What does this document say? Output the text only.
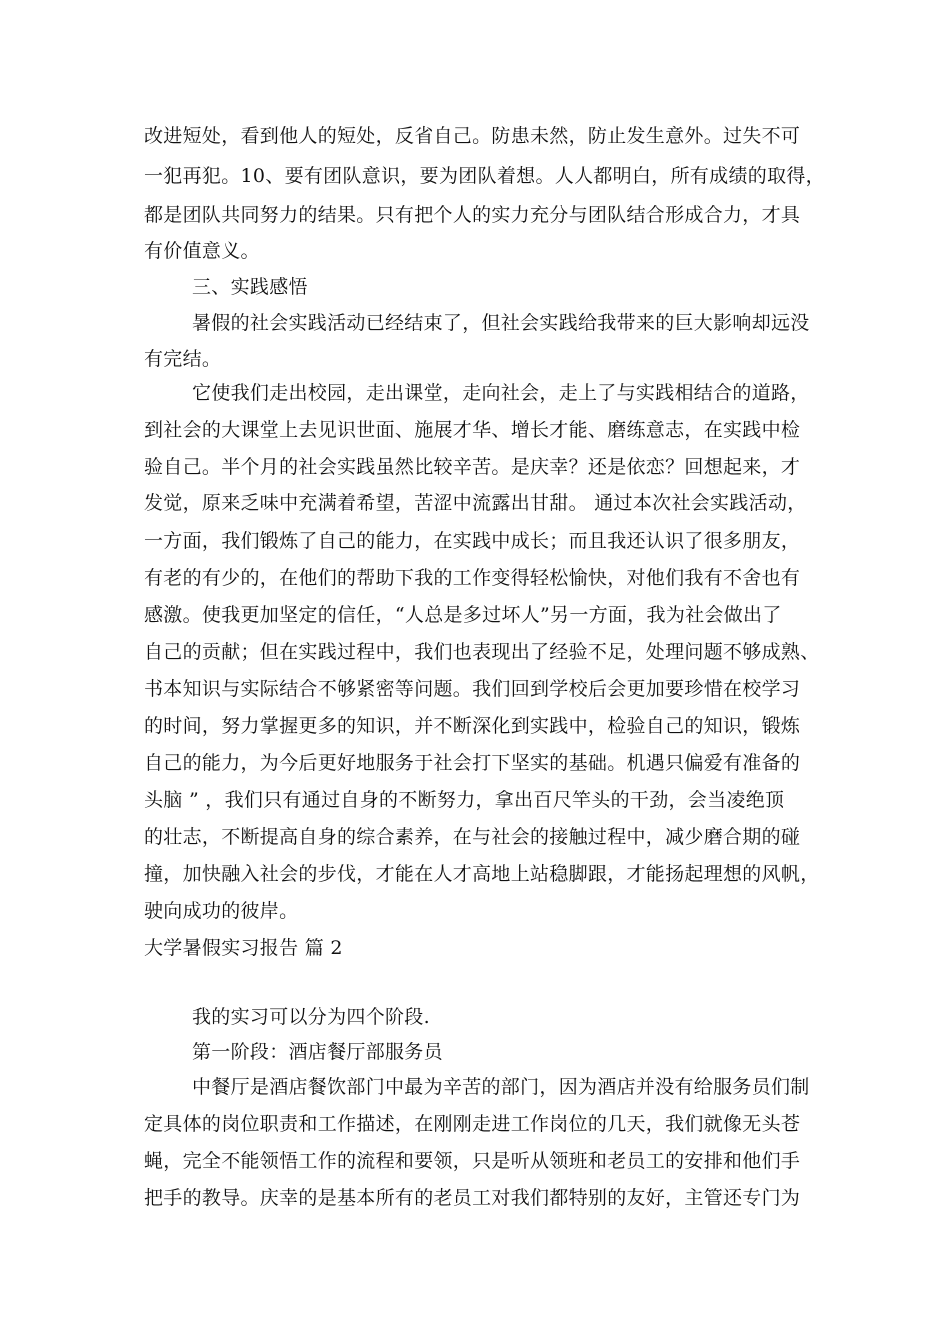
改进短处，看到他人的短处，反省自己。防患未然，防止发生意外。过失不可
一犯再犯。10、要有团队意识，要为团队着想。人人都明白，所有成绩的取得，
都是团队共同努力的结果。只有把个人的实力充分与团队结合形成合力，才具
有价值意义。
三、实践感悟
暑假的社会实践活动已经结束了，但社会实践给我带来的巨大影响却远没
有完结。
它使我们走出校园，走出课堂，走向社会，走上了与实践相结合的道路，
到社会的大课堂上去见识世面、施展才华、增长才能、磨练意志，在实践中检
验自己。半个月的社会实践虽然比较辛苦。是庆幸？还是依恋？回想起来，才
发觉，原来乏味中充满着希望，苦涩中流露出甘甜。 通过本次社会实践活动，
一方面，我们锻炼了自己的能力，在实践中成长；而且我还认识了很多朋友，
有老的有少的，在他们的帮助下我的工作变得轻松愉快，对他们我有不舍也有
感激。使我更加坚定的信任，“人总是多过坏人”另一方面，我为社会做出了
自己的贡献；但在实践过程中，我们也表现出了经验不足，处理问题不够成熟、
书本知识与实际结合不够紧密等问题。我们回到学校后会更加要珍惜在校学习
的时间，努力掌握更多的知识，并不断深化到实践中，检验自己的知识，锻炼
自己的能力，为今后更好地服务于社会打下坚实的基础。机遇只偏爱有准备的
头脑 ” ，我们只有通过自身的不断努力，拿出百尺竿头的干劲，会当凌绝顶
的壮志，不断提高自身的综合素养，在与社会的接触过程中，减少磨合期的碰
撞，加快融入社会的步伐，才能在人才高地上站稳脚跟，才能扬起理想的风帆，
驶向成功的彼岸。
大学暑假实习报告 篇 2
我的实习可以分为四个阶段.
第一阶段：酒店餐厅部服务员
中餐厅是酒店餐饮部门中最为辛苦的部门，因为酒店并没有给服务员们制
定具体的岗位职责和工作描述，在刚刚走进工作岗位的几天，我们就像无头苍
蝇，完全不能领悟工作的流程和要领，只是听从领班和老员工的安排和他们手
把手的教导。庆幸的是基本所有的老员工对我们都特别的友好，主管还专门为
